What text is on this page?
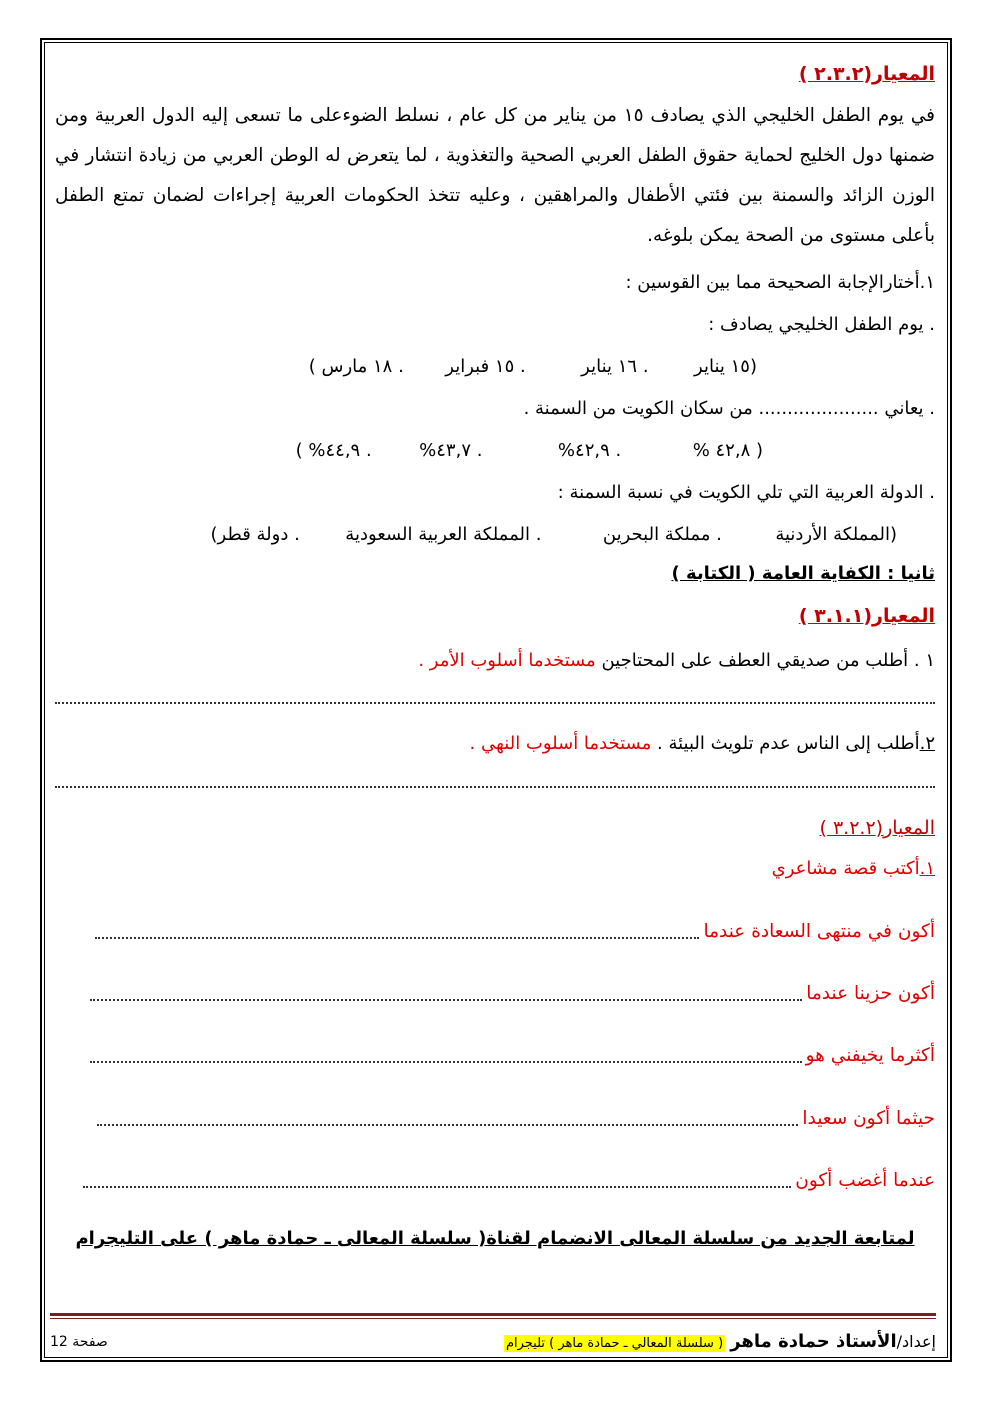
المعيار(٢.٣.٢ )
في يوم الطفل الخليجي الذي يصادف ١٥ من يناير من كل عام ، نسلط الضوءعلى ما تسعى إليه الدول العربية ومن ضمنها دول الخليج لحماية حقوق الطفل العربي الصحية والتغذوية ، لما يتعرض له الوطن العربي من زيادة انتشار في الوزن الزائد والسمنة بين فئتي الأطفال والمراهقين ، وعليه تتخذ الحكومات العربية إجراءات لضمان تمتع الطفل بأعلى مستوى من الصحة يمكن بلوغه.
١.أختارالإجابة الصحيحة مما بين القوسين :
. يوم الطفل الخليجي يصادف :
(١٥ يناير  . ١٦ يناير  . ١٥ فبراير  . ١٨ مارس )
. يعاني ..................... من سكان الكويت من السمنة .
( ٤٢,٨ %  . ٤٢,٩%  . ٤٣,٧%  . ٤٤,٩% )
. الدولة العربية التي تلي الكويت في نسبة السمنة :
(المملكة الأردنية  . مملكة البحرين  . المملكة العربية السعودية  . دولة قطر)
ثانيا : الكفاية العامة ( الكتابة )
المعيار(٣.١.١ )
١ . أطلب من صديقي العطف على المحتاجين مستخدما أسلوب الأمر .
٢.أطلب إلى الناس عدم تلويث البيئة . مستخدما أسلوب النهي .
المعيار(٣.٢.٢ )
١.أكتب قصة مشاعري
أكون في منتهى السعادة عندما
أكون حزينا عندما
أكثرما يخيفني هو
حيثما أكون سعيدا
عندما أغضب أكون
لمتابعة الجديد من سلسلة المعالى الانضمام لقناة( سلسلة المعالى ـ حمادة ماهر ) على التليجرام
إعداد/الأستاذ حمادة ماهر ( سلسلة المعالي ـ حمادة ماهر ) تليجرام
صفحة 12
